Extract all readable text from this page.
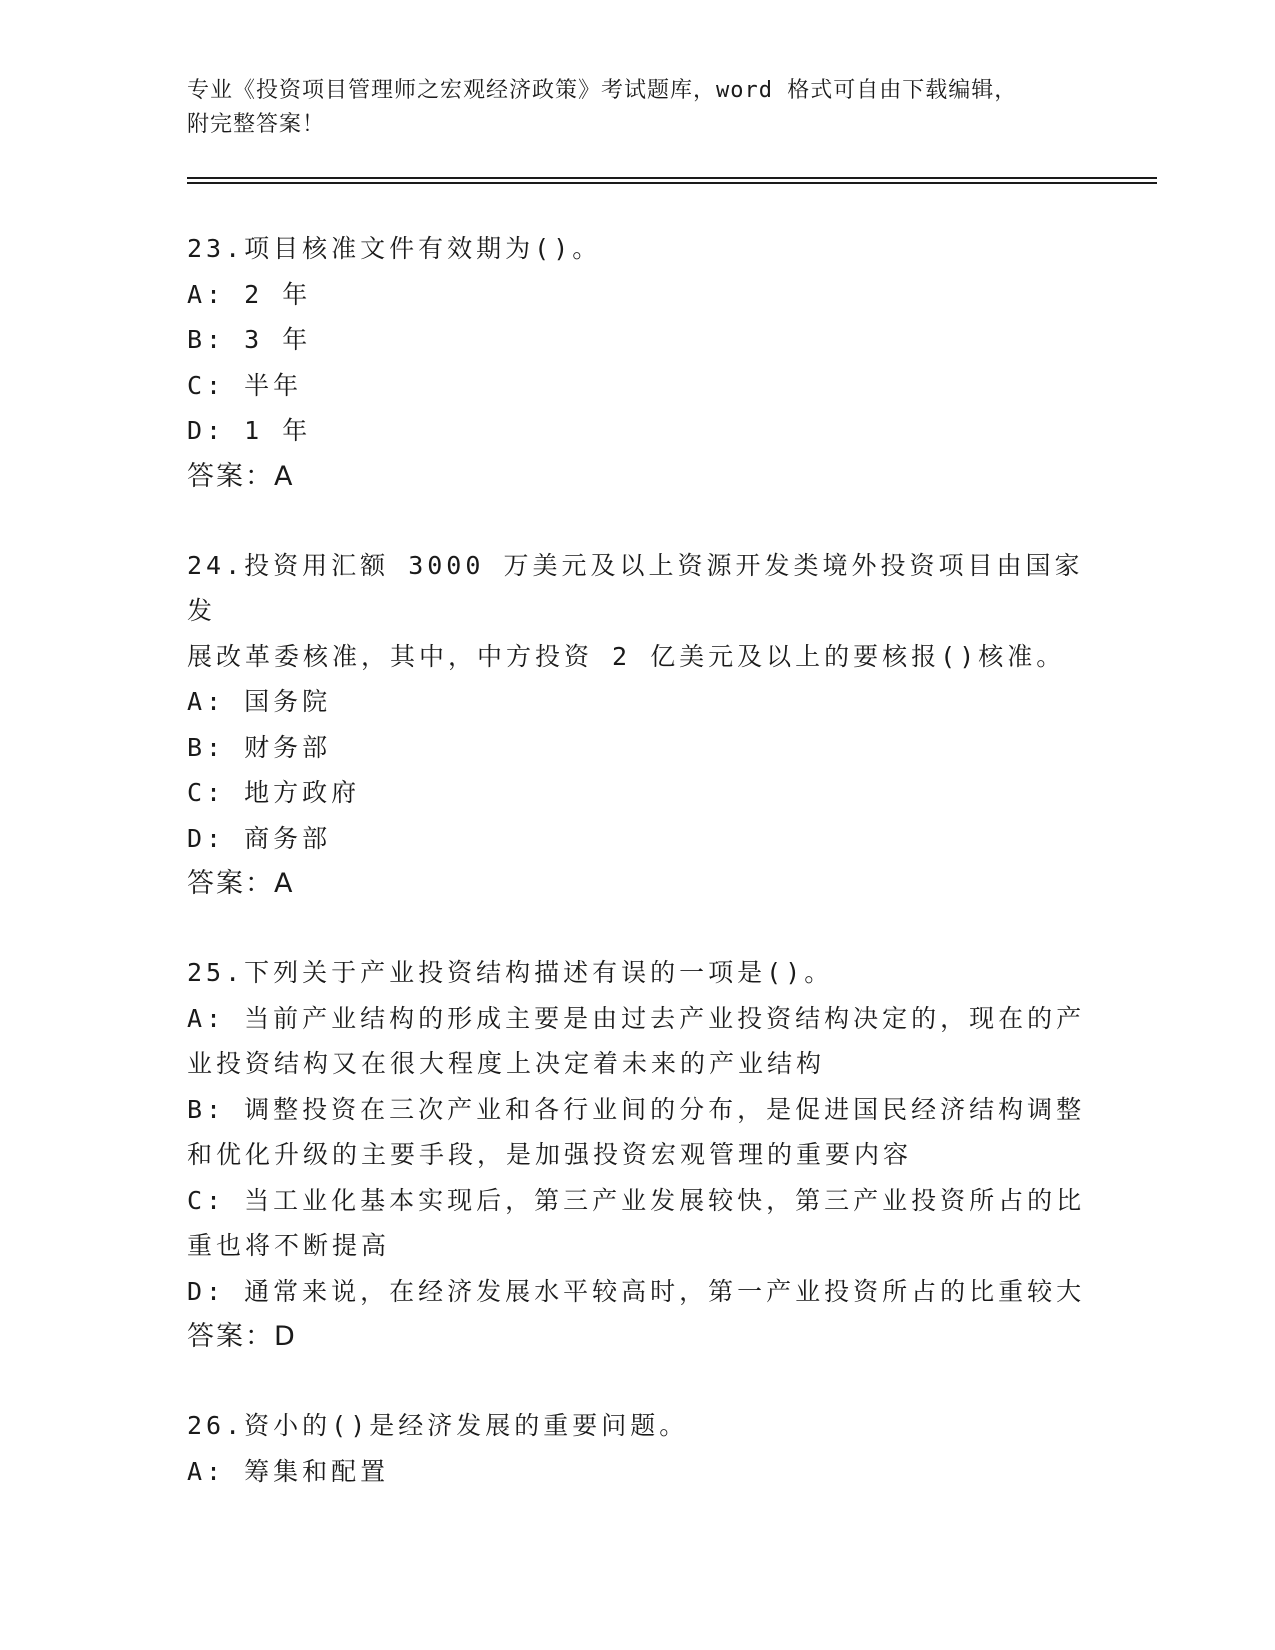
专业《投资项目管理师之宏观经济政策》考试题库，word 格式可自由下载编辑，
附完整答案！
23.项目核准文件有效期为()。
A: 2 年
B: 3 年
C: 半年
D: 1 年
答案：A
24.投资用汇额 3000 万美元及以上资源开发类境外投资项目由国家发
展改革委核准，其中，中方投资 2 亿美元及以上的要核报()核准。
A: 国务院
B: 财务部
C: 地方政府
D: 商务部
答案：A
25.下列关于产业投资结构描述有误的一项是()。
A: 当前产业结构的形成主要是由过去产业投资结构决定的，现在的产
业投资结构又在很大程度上决定着未来的产业结构
B: 调整投资在三次产业和各行业间的分布，是促进国民经济结构调整
和优化升级的主要手段，是加强投资宏观管理的重要内容
C: 当工业化基本实现后，第三产业发展较快，第三产业投资所占的比
重也将不断提高
D: 通常来说，在经济发展水平较高时，第一产业投资所占的比重较大
答案：D
26.资小的()是经济发展的重要问题。
A: 筹集和配置
